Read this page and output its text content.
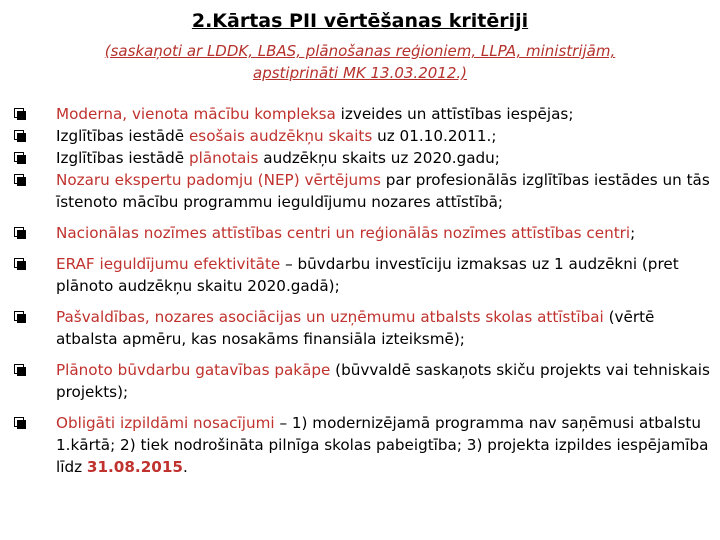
2.Kārtas PII vērtēšanas kritēriji
(saskaņoti ar LDDK, LBAS, plānošanas reģioniem, LLPA, ministrijām, apstiprināti MK 13.03.2012.)
Moderna, vienota mācību kompleksa izveides un attīstības iespējas;
Izglītības iestādē esošais audzēkņu skaits uz 01.10.2011.;
Izglītības iestādē plānotais audzēkņu skaits uz 2020.gadu;
Nozaru ekspertu padomju (NEP) vērtējums par profesionālās izglītības iestādes un tās īstenoto mācību programmu ieguldījumu nozares attīstībā;
Nacionālas nozīmes attīstības centri un reģionālās nozīmes attīstības centri;
ERAF ieguldījumu efektivitāte – būvdarbu investīciju izmaksas uz 1 audzēkni (pret plānoto audzēkņu skaitu 2020.gadā);
Pašvaldības, nozares asociācijas un uzņēmumu atbalsts skolas attīstībai (vērtē atbalsta apmēru, kas nosakāms finansiāla izteiksmē);
Plānoto būvdarbu gatavības pakāpe (būvvaldē saskaņots skiču projekts vai tehniskais projekts);
Obligāti izpildāmi nosacījumi – 1) modernizējamā programma nav saņēmusi atbalstu 1.kārtā; 2) tiek nodrošināta pilnīga skolas pabeigtība; 3) projekta izpildes iespējamība līdz 31.08.2015.
